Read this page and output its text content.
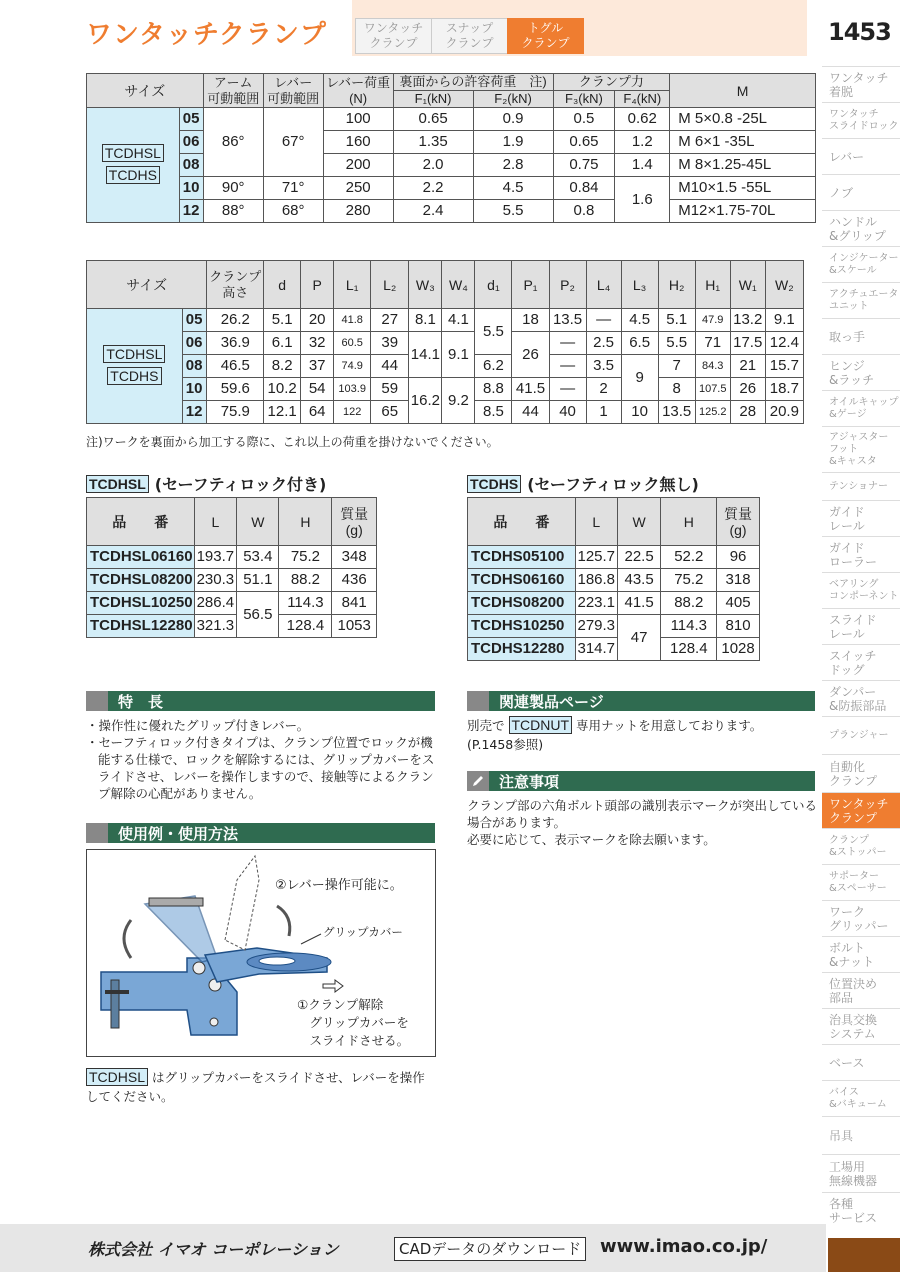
ワンタッチクランプ	ワンタッチ
クランプ
スナップ
クランプ
トグル
クランプ	1453
ワンタッチ
着脱
ワンタッチ
スライドロック
レバー
ノブ
ハンドル
&グリップ
インジケーター
&スケール
アクチュエータ
ユニット
取っ手
ヒンジ
&ラッチ
オイルキャップ
&ゲージ
アジャスター
フット
&キャスタ
テンショナー
ガイド
レール
ガイド
ローラー
ベアリング
コンポーネント
スライド
レール
スイッチ
ドッグ
ダンパー
&防振部品
プランジャー
自動化
クランプ
ワンタッチ
クランプ
クランプ
&ストッパー
サポーター
&スペーサー
ワーク
グリッパー
ボルト
&ナット
位置決め
部品
治具交換
システム
ベース
バイス
&バキューム
吊具
工場用
無線機器
各種
サービス
サイズ		アーム
可動範囲	レバー
可動範囲	レバー荷重
(N)	裏面からの許容荷重　注)		クランプ力		M
					F₁(kN)	F₂(kN)	F₃(kN)	F₄(kN)	
TCDHSL
TCDHS	05	86°	67°	100	0.65	0.9	0.5	0.62	M 5×0.8 -25L
	06			160	1.35	1.9	0.65	1.2	M 6×1 -35L
	08			200	2.0	2.8	0.75	1.4	M 8×1.25-45L
	10	90°	71°	250	2.2	4.5	0.84	1.6	M10×1.5 -55L
	12	88°	68°	280	2.4	5.5	0.8		M12×1.75-70L
サイズ		クランプ
高さ	d	P	L₁	L₂	W₃	W₄	d₁	P₁	P₂	L₄	L₃	H₂	H₁	W₁	W₂
TCDHSL
TCDHS	05	26.2	5.1	20	41.8	27	8.1	4.1	5.5	18	13.5	—	4.5	5.1	47.9	13.2	9.1
	06	36.9	6.1	32	60.5	39	14.1	9.1		26	—	2.5	6.5	5.5	71	17.5	12.4
	08	46.5	8.2	37	74.9	44			6.2		—	3.5	9	7	84.3	21	15.7
	10	59.6	10.2	54	103.9	59	16.2	9.2	8.8	41.5	—	2		8	107.5	26	18.7
	12	75.9	12.1	64	122	65			8.5	44	40	1	10	13.5	125.2	28	20.9
注)ワークを裏面から加工する際に、これ以上の荷重を掛けないでください。
TCDHSL (セーフティロック付き)
品　　番	L	W	H	質量
(g)
TCDHSL06160	193.7	53.4	75.2	348
TCDHSL08200	230.3	51.1	88.2	436
TCDHSL10250	286.4	56.5	114.3	841
TCDHSL12280	321.3		128.4	1053
TCDHS (セーフティロック無し)
品　　番	L	W	H	質量
(g)
TCDHS05100	125.7	22.5	52.2	96
TCDHS06160	186.8	43.5	75.2	318
TCDHS08200	223.1	41.5	88.2	405
TCDHS10250	279.3	47	114.3	810
TCDHS12280	314.7		128.4	1028
特　長
・操作性に優れたグリップ付きレバー。
・セーフティロック付きタイプは、クランプ位置でロックが機能する仕様で、ロックを解除するには、グリップカバーをスライドさせ、レバーを操作しますので、接触等によるクランプ解除の心配がありません。
使用例・使用方法
②レバー操作可能に。
グリップカバー
①クランプ解除
　グリップカバーを
　スライドさせる。
TCDHSL はグリップカバーをスライドさせ、レバーを操作してください。
関連製品ページ
別売で TCDNUT 専用ナットを用意しております。
(P.1458参照)
注意事項
クランプ部の六角ボルト頭部の識別表示マークが突出している場合があります。
必要に応じて、表示マークを除去願います。
株式会社 イマオ コーポレーション	CADデータのダウンロード www.imao.co.jp/
